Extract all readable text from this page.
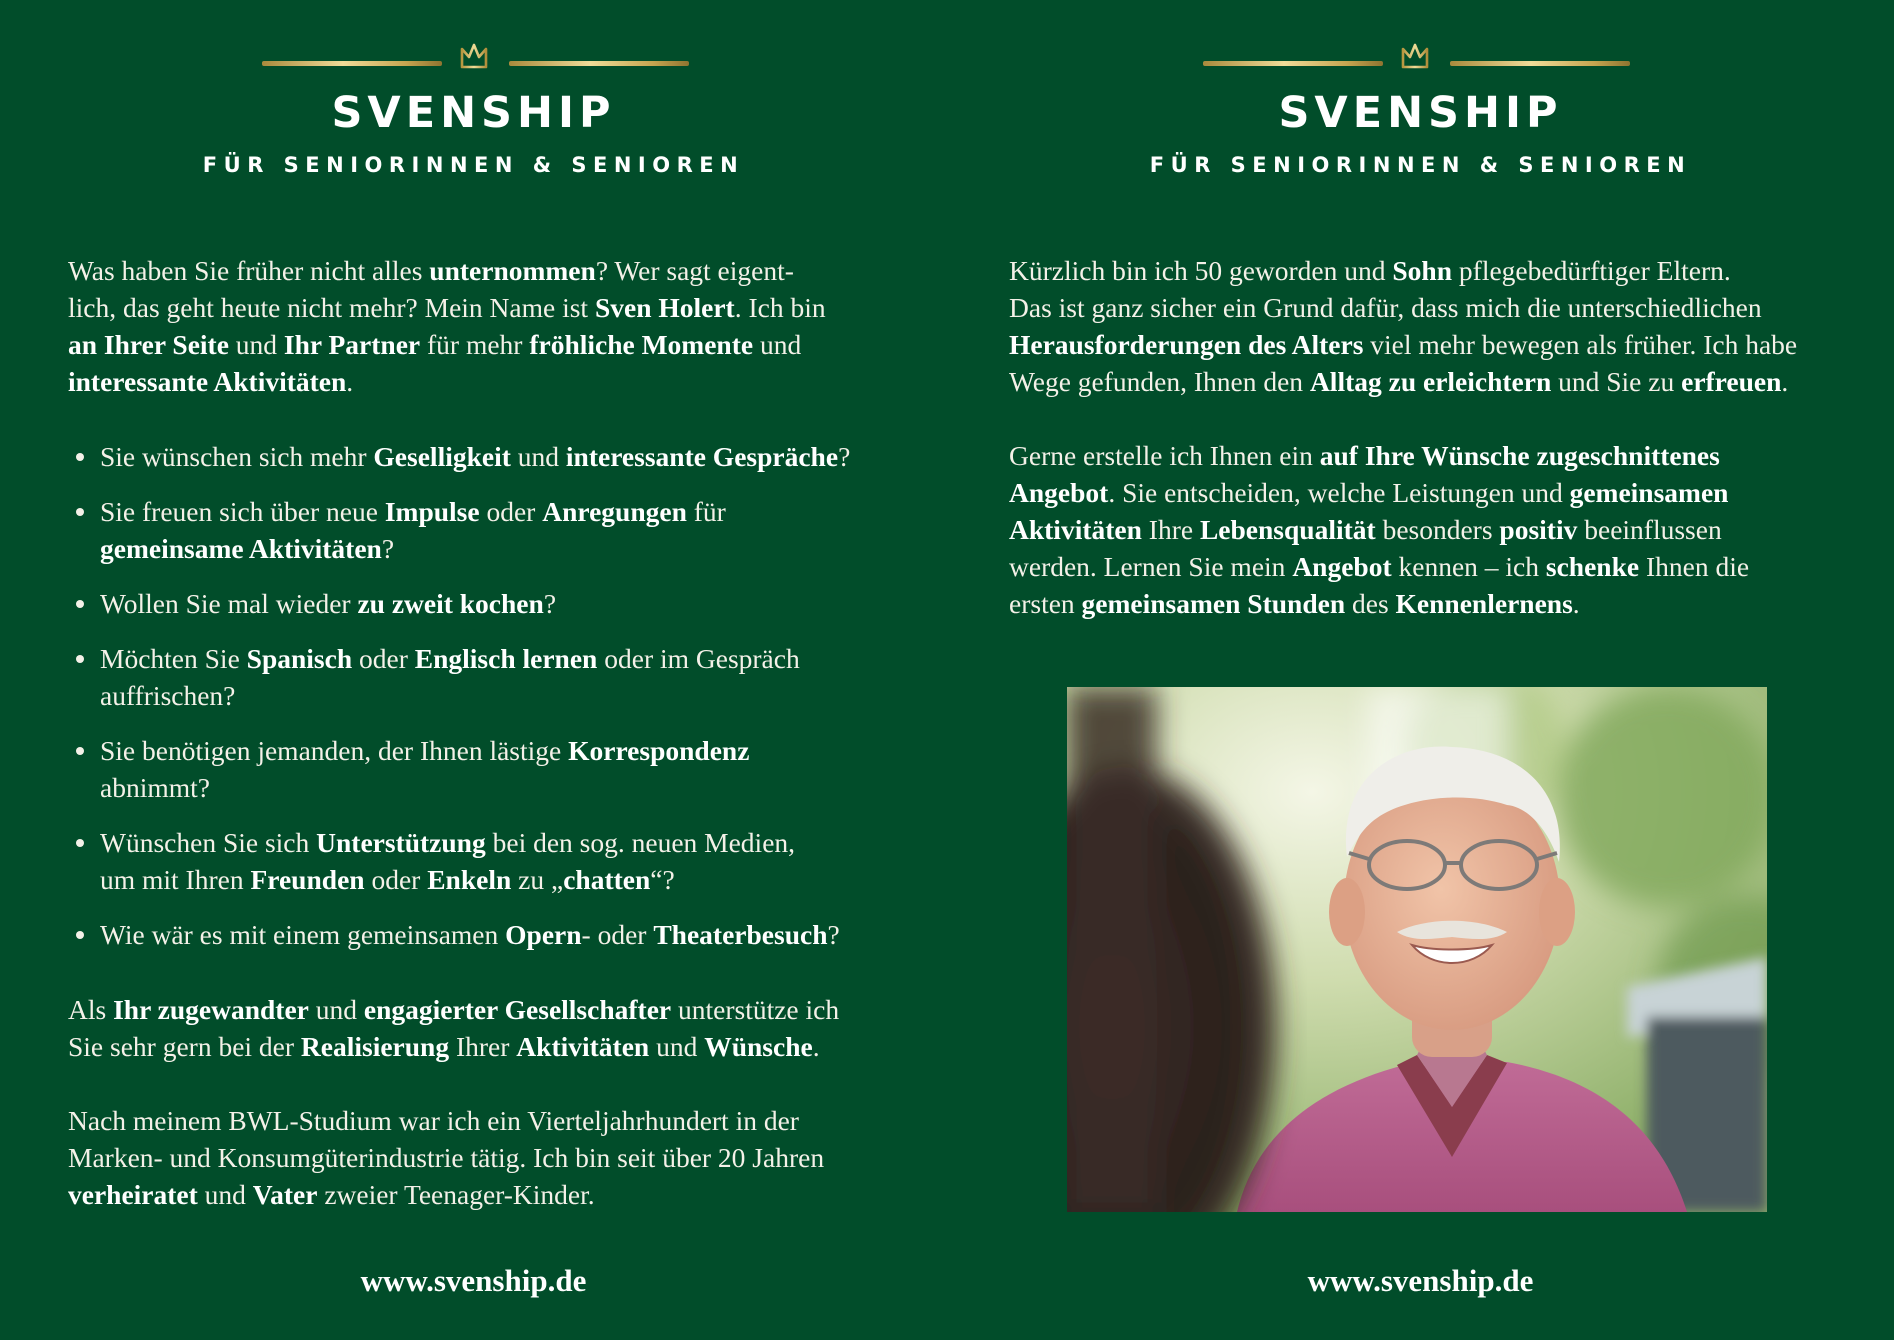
SVENSHIP
FÜR SENIORINNEN & SENIOREN

Was haben Sie früher nicht alles unternommen? Wer sagt eigent-
lich, das geht heute nicht mehr? Mein Name ist Sven Holert. Ich bin
an Ihrer Seite und Ihr Partner für mehr fröhliche Momente und
interessante Aktivitäten.

Sie wünschen sich mehr Geselligkeit und interessante Gespräche?
Sie freuen sich über neue Impulse oder Anregungen für
gemeinsame Aktivitäten?
Wollen Sie mal wieder zu zweit kochen?
Möchten Sie Spanisch oder Englisch lernen oder im Gespräch
auffrischen?
Sie benötigen jemanden, der Ihnen lästige Korrespondenz
abnimmt?
Wünschen Sie sich Unterstützung bei den sog. neuen Medien,
um mit Ihren Freunden oder Enkeln zu „chatten“?
Wie wär es mit einem gemeinsamen Opern- oder Theaterbesuch?

Als Ihr zugewandter und engagierter Gesellschafter unterstütze ich
Sie sehr gern bei der Realisierung Ihrer Aktivitäten und Wünsche.

Nach meinem BWL-Studium war ich ein Vierteljahrhundert in der
Marken- und Konsumgüterindustrie tätig. Ich bin seit über 20 Jahren
verheiratet und Vater zweier Teenager-Kinder.

www.svenship.de
SVENSHIP
FÜR SENIORINNEN & SENIOREN

Kürzlich bin ich 50 geworden und Sohn pflegebedürftiger Eltern.
Das ist ganz sicher ein Grund dafür, dass mich die unterschiedlichen
Herausforderungen des Alters viel mehr bewegen als früher. Ich habe
Wege gefunden, Ihnen den Alltag zu erleichtern und Sie zu erfreuen.

Gerne erstelle ich Ihnen ein auf Ihre Wünsche zugeschnittenes
Angebot. Sie entscheiden, welche Leistungen und gemeinsamen
Aktivitäten Ihre Lebensqualität besonders positiv beeinflussen
werden. Lernen Sie mein Angebot kennen – ich schenke Ihnen die
ersten gemeinsamen Stunden des Kennenlernens.

www.svenship.de
